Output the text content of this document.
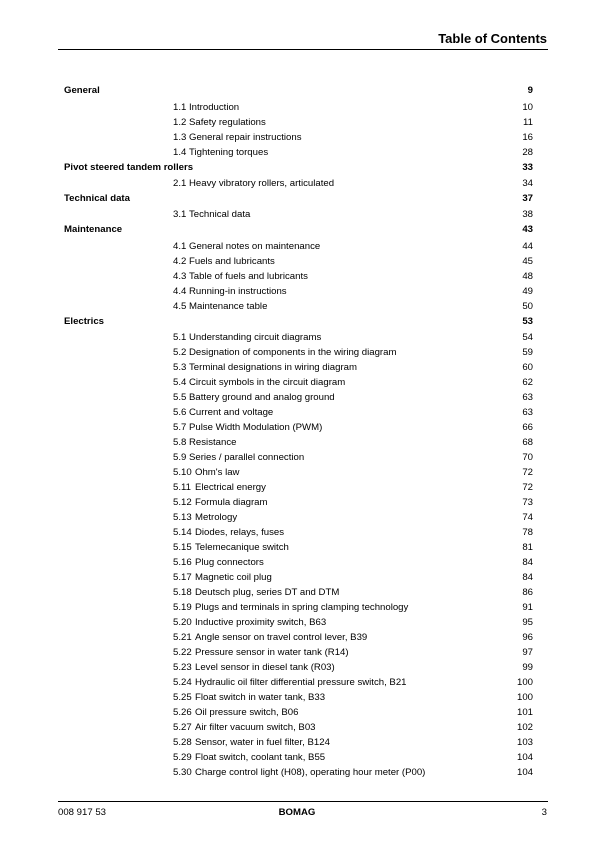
Table of Contents
General	9
1.1 Introduction	10
1.2 Safety regulations	11
1.3 General repair instructions	16
1.4 Tightening torques	28
Pivot steered tandem rollers	33
2.1 Heavy vibratory rollers, articulated	34
Technical data	37
3.1 Technical data	38
Maintenance	43
4.1 General notes on maintenance	44
4.2 Fuels and lubricants	45
4.3 Table of fuels and lubricants	48
4.4 Running-in instructions	49
4.5 Maintenance table	50
Electrics	53
5.1 Understanding circuit diagrams	54
5.2 Designation of components in the wiring diagram	59
5.3 Terminal designations in wiring diagram	60
5.4 Circuit symbols in the circuit diagram	62
5.5 Battery ground and analog ground	63
5.6 Current and voltage	63
5.7 Pulse Width Modulation (PWM)	66
5.8 Resistance	68
5.9 Series / parallel connection	70
5.10 Ohm's law	72
5.11 Electrical energy	72
5.12 Formula diagram	73
5.13 Metrology	74
5.14 Diodes, relays, fuses	78
5.15 Telemecanique switch	81
5.16 Plug connectors	84
5.17 Magnetic coil plug	84
5.18 Deutsch plug, series DT and DTM	86
5.19 Plugs and terminals in spring clamping technology	91
5.20 Inductive proximity switch, B63	95
5.21 Angle sensor on travel control lever, B39	96
5.22 Pressure sensor in water tank (R14)	97
5.23 Level sensor in diesel tank (R03)	99
5.24 Hydraulic oil filter differential pressure switch, B21	100
5.25 Float switch in water tank, B33	100
5.26 Oil pressure switch, B06	101
5.27 Air filter vacuum switch, B03	102
5.28 Sensor, water in fuel filter, B124	103
5.29 Float switch, coolant tank, B55	104
5.30 Charge control light (H08), operating hour meter (P00)	104
008 917 53	BOMAG	3
